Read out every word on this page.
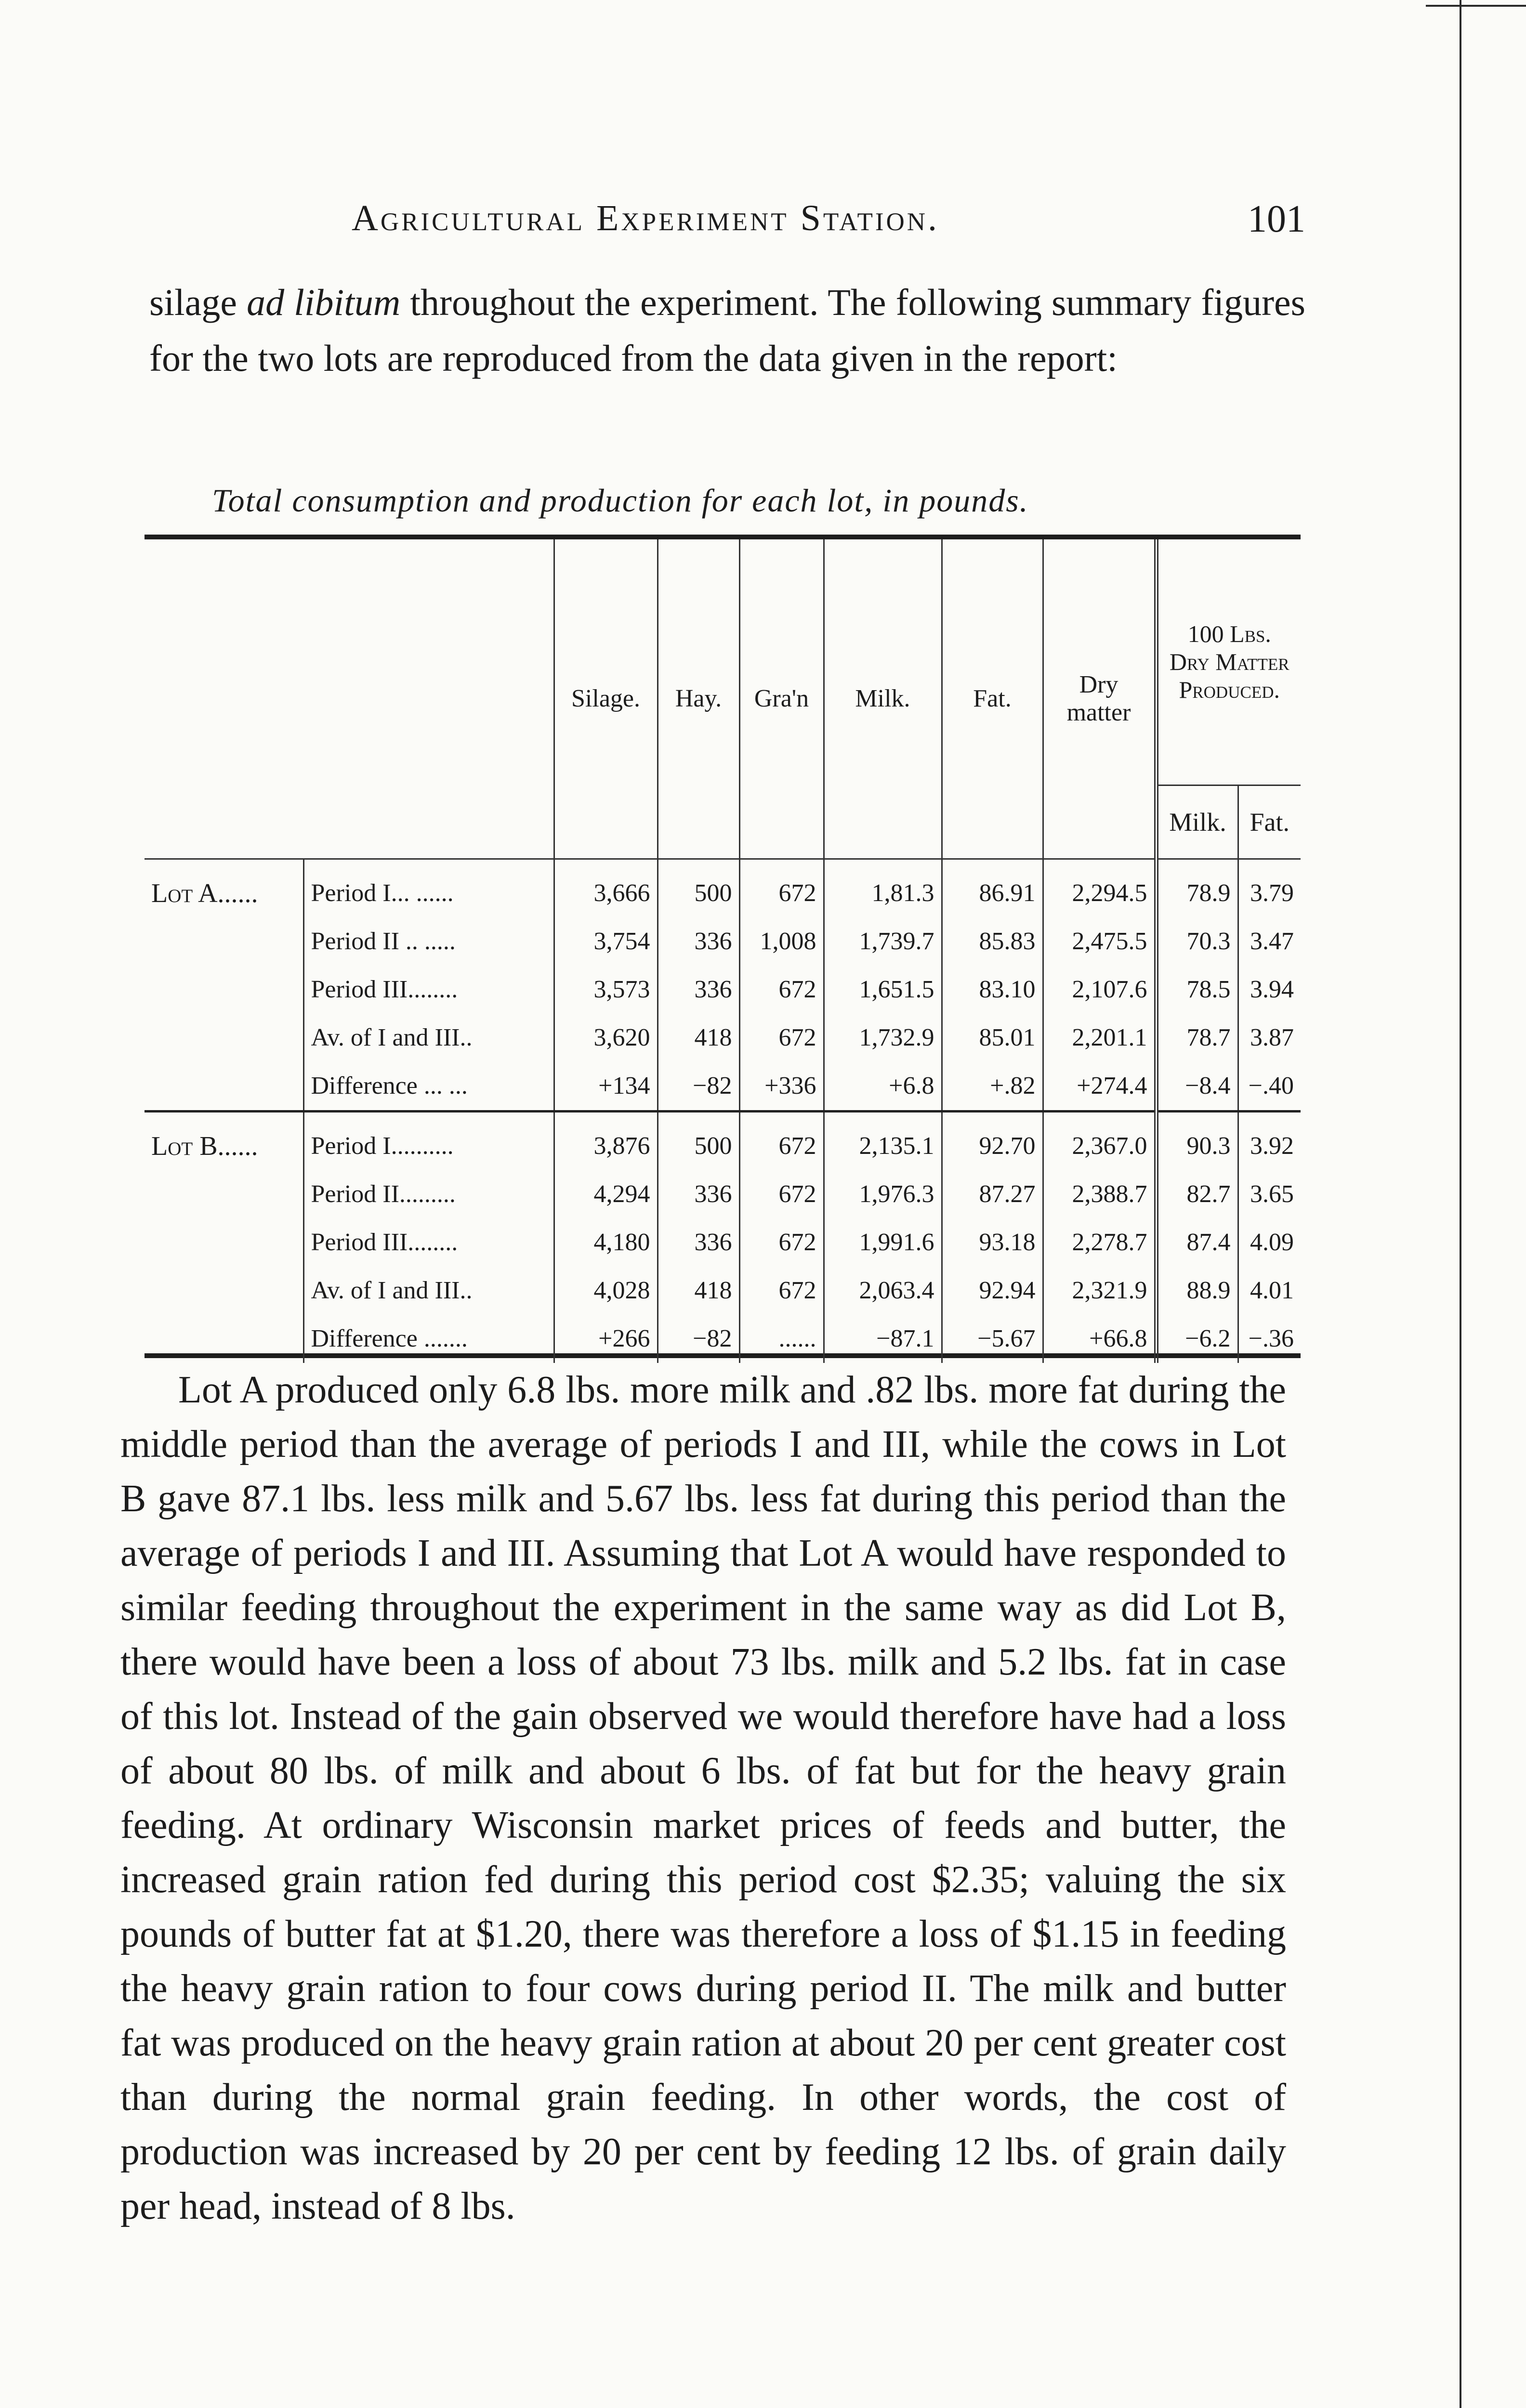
Agricultural Experiment Station.	101
silage ad libitum throughout the experiment. The following summary figures for the two lots are reproduced from the data given in the report:
Total consumption and production for each lot, in pounds.
		Silage.	Hay.	Gra'n	Milk.	Fat.	Dry matter	100 Lbs. Dry Matter Produced.	
								Milk.	Fat.
Lot A......	Period I... ......	3,666	500	672	1,81.3	86.91	2,294.5	78.9	3.79
	Period II .. .....	3,754	336	1,008	1,739.7	85.83	2,475.5	70.3	3.47
	Period III........	3,573	336	672	1,651.5	83.10	2,107.6	78.5	3.94
	Av. of I and III..	3,620	418	672	1,732.9	85.01	2,201.1	78.7	3.87
	Difference ... ...	+134	−82	+336	+6.8	+.82	+274.4	−8.4	−.40
Lot B......	Period I..........	3,876	500	672	2,135.1	92.70	2,367.0	90.3	3.92
	Period II.........	4,294	336	672	1,976.3	87.27	2,388.7	82.7	3.65
	Period III........	4,180	336	672	1,991.6	93.18	2,278.7	87.4	4.09
	Av. of I and III..	4,028	418	672	2,063.4	92.94	2,321.9	88.9	4.01
	Difference .......	+266	−82	......	−87.1	−5.67	+66.8	−6.2	−.36

Lot A produced only 6.8 lbs. more milk and .82 lbs. more fat during the middle period than the average of periods I and III, while the cows in Lot B gave 87.1 lbs. less milk and 5.67 lbs. less fat during this period than the average of periods I and III. Assuming that Lot A would have responded to similar feeding throughout the experiment in the same way as did Lot B, there would have been a loss of about 73 lbs. milk and 5.2 lbs. fat in case of this lot. Instead of the gain observed we would therefore have had a loss of about 80 lbs. of milk and about 6 lbs. of fat but for the heavy grain feeding. At ordinary Wisconsin market prices of feeds and butter, the increased grain ration fed during this period cost $2.35; valuing the six pounds of butter fat at $1.20, there was therefore a loss of $1.15 in feeding the heavy grain ration to four cows during period II. The milk and butter fat was produced on the heavy grain ration at about 20 per cent greater cost than during the normal grain feeding. In other words, the cost of production was increased by 20 per cent by feeding 12 lbs. of grain daily per head, instead of 8 lbs.
